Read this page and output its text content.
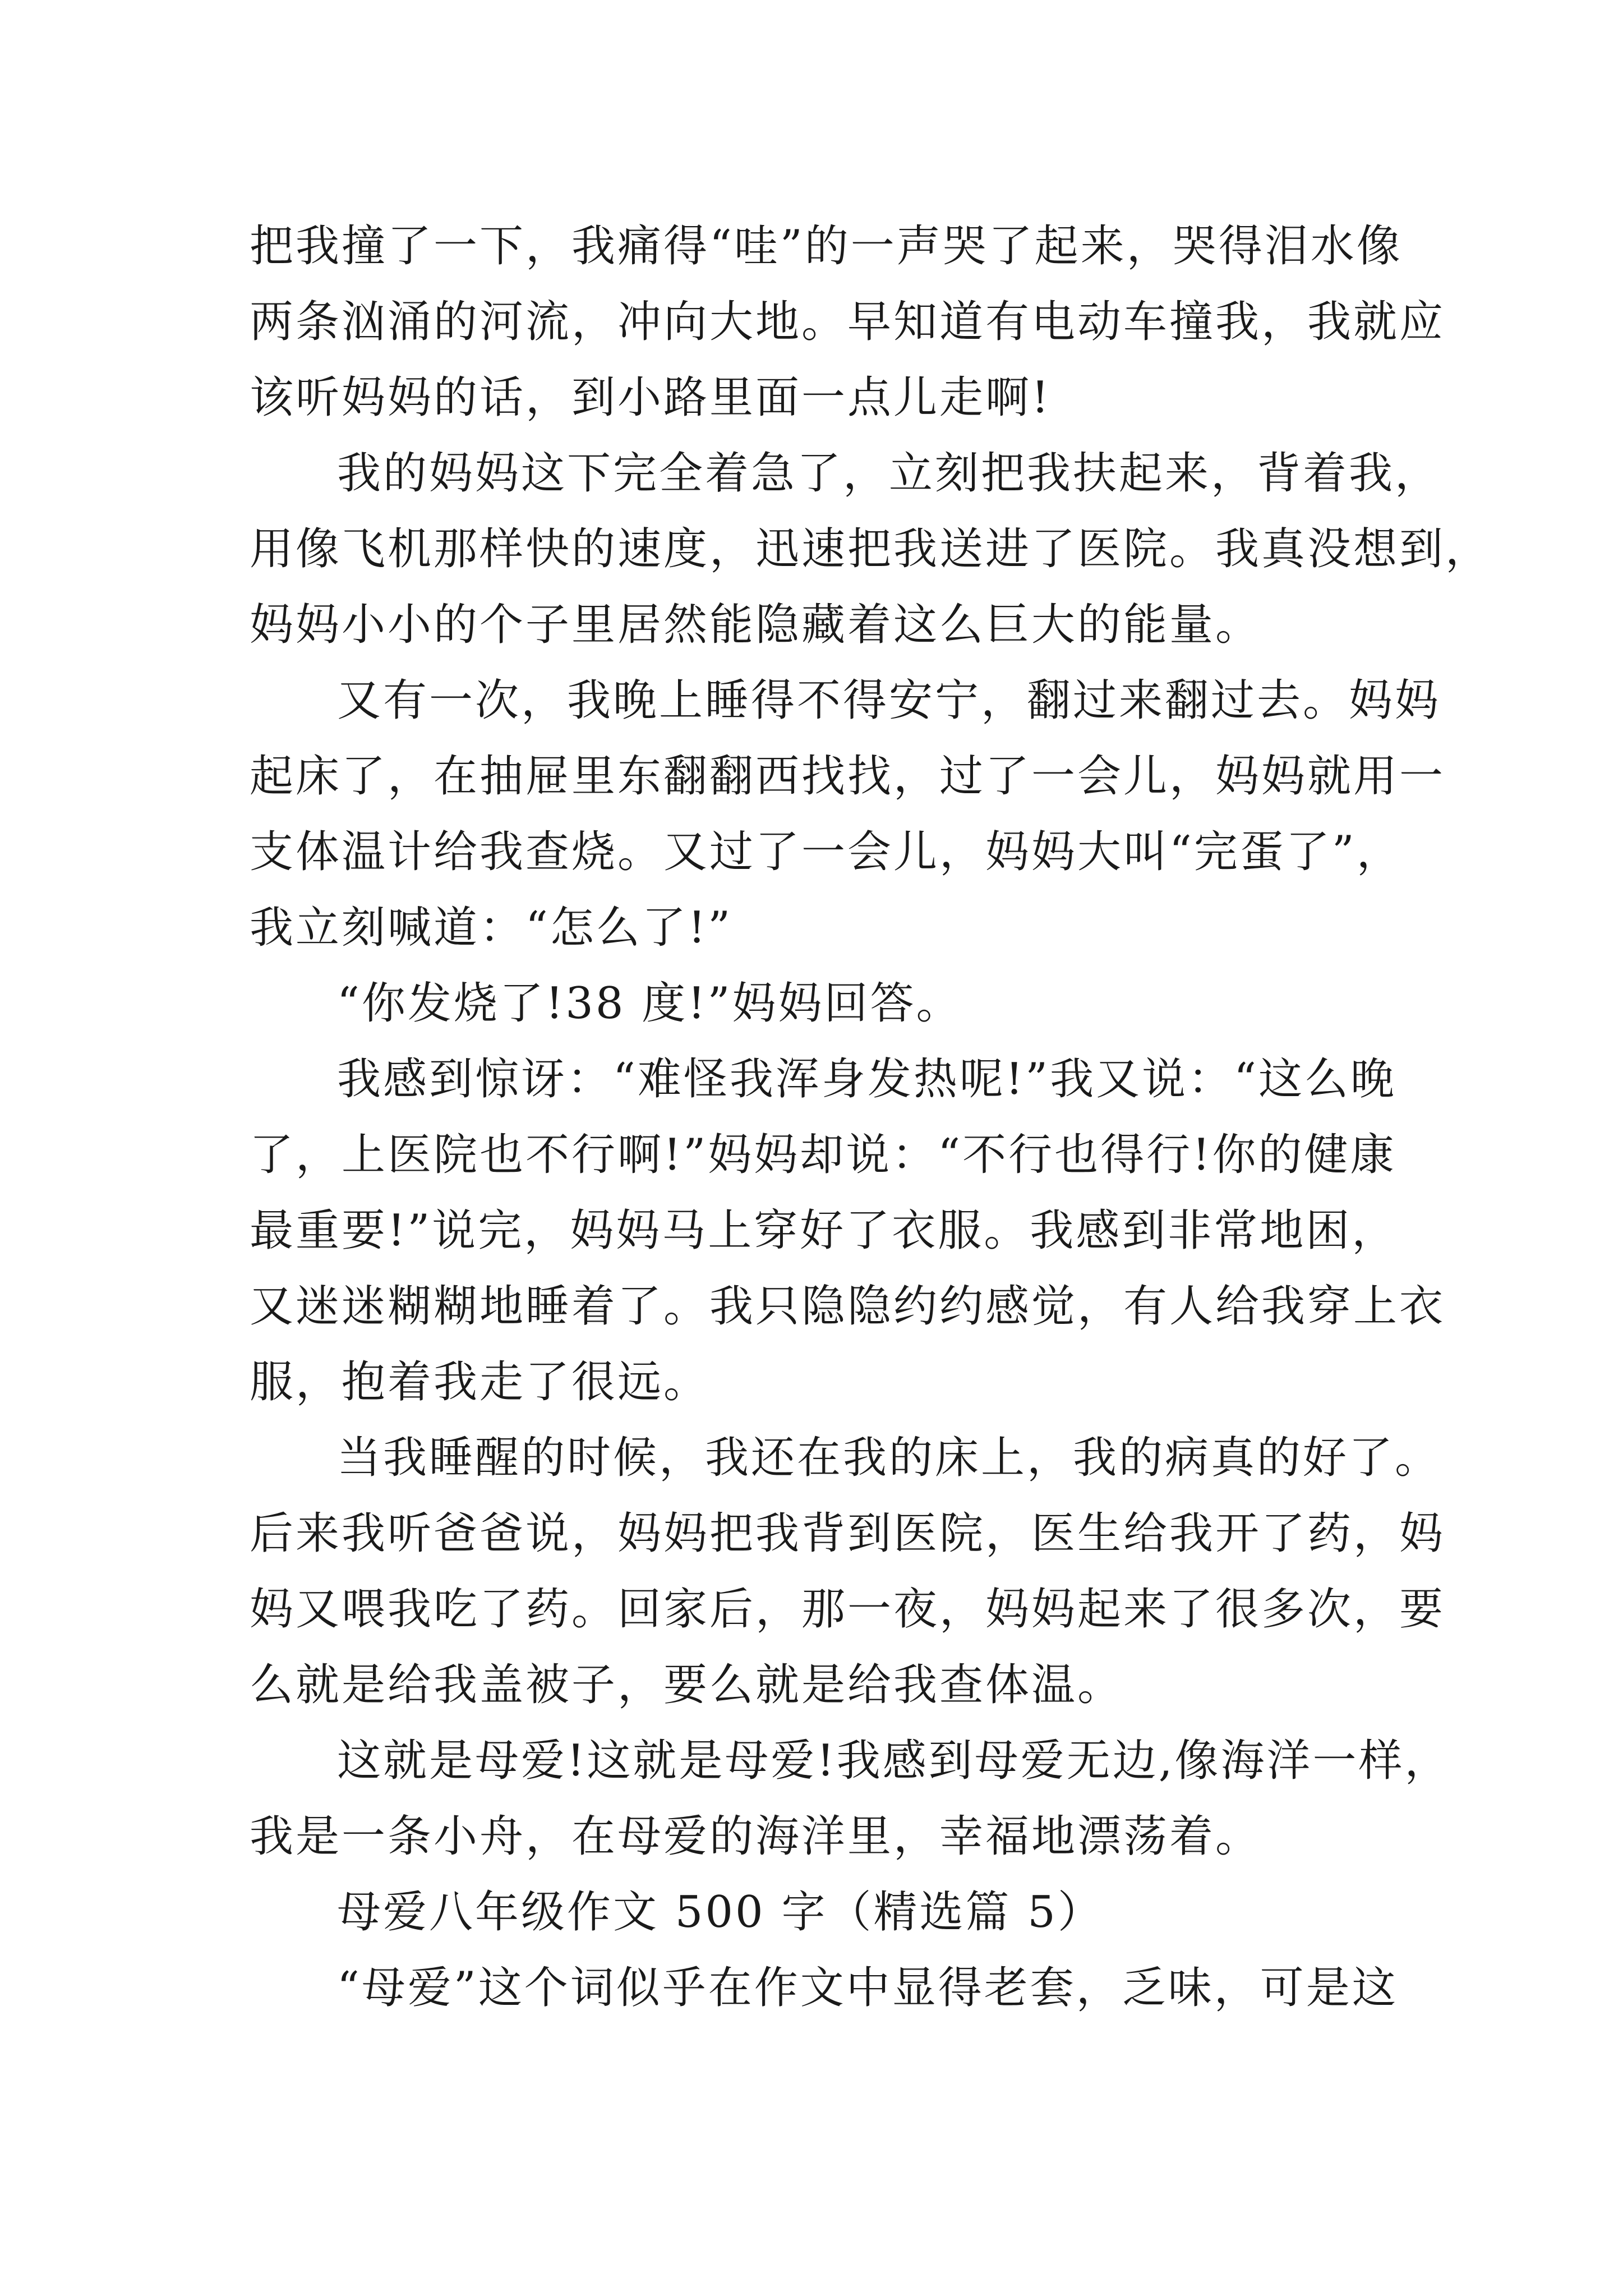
把我撞了一下，我痛得“哇”的一声哭了起来，哭得泪水像
两条汹涌的河流，冲向大地。早知道有电动车撞我，我就应
该听妈妈的话，到小路里面一点儿走啊!
我的妈妈这下完全着急了，立刻把我扶起来，背着我，
用像飞机那样快的速度，迅速把我送进了医院。我真没想到，
妈妈小小的个子里居然能隐藏着这么巨大的能量。
又有一次，我晚上睡得不得安宁，翻过来翻过去。妈妈
起床了，在抽屉里东翻翻西找找，过了一会儿，妈妈就用一
支体温计给我查烧。又过了一会儿，妈妈大叫“完蛋了”，
我立刻喊道：“怎么了!”
“你发烧了!38 度!”妈妈回答。
我感到惊讶：“难怪我浑身发热呢!”我又说：“这么晚
了，上医院也不行啊!”妈妈却说：“不行也得行!你的健康
最重要!”说完，妈妈马上穿好了衣服。我感到非常地困，
又迷迷糊糊地睡着了。我只隐隐约约感觉，有人给我穿上衣
服，抱着我走了很远。
当我睡醒的时候，我还在我的床上，我的病真的好了。
后来我听爸爸说，妈妈把我背到医院，医生给我开了药，妈
妈又喂我吃了药。回家后，那一夜，妈妈起来了很多次，要
么就是给我盖被子，要么就是给我查体温。
这就是母爱!这就是母爱!我感到母爱无边,像海洋一样，
我是一条小舟，在母爱的海洋里，幸福地漂荡着。
母爱八年级作文 500 字（精选篇 5）
“母爱”这个词似乎在作文中显得老套，乏味，可是这
